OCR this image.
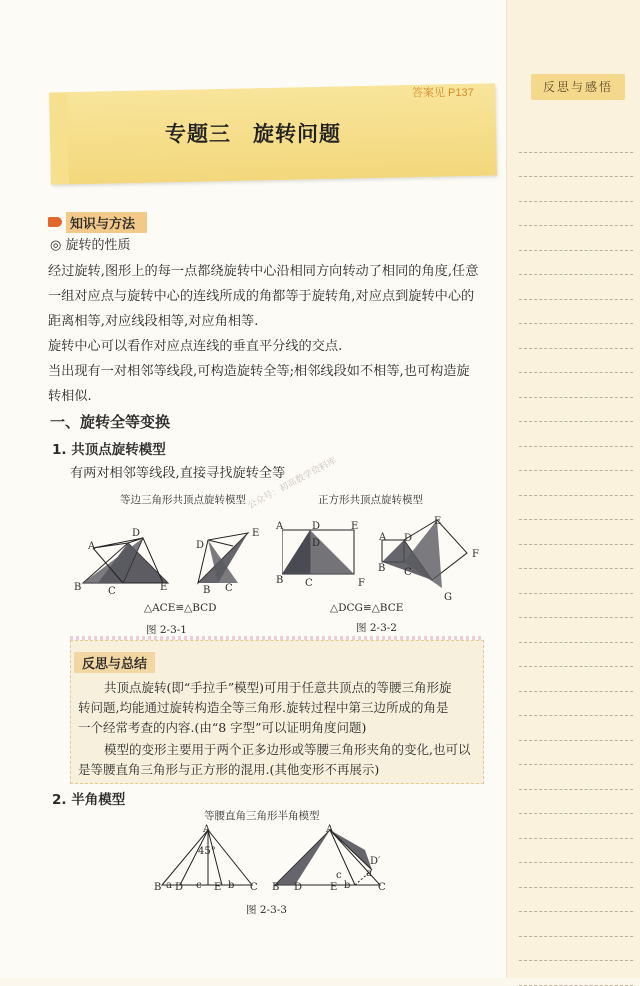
反思与感悟
答案见 P137
专题三　旋转问题
知识与方法
◎ 旋转的性质
经过旋转,图形上的每一点都绕旋转中心沿相同方向转动了相同的角度,任意
一组对应点与旋转中心的连线所成的角都等于旋转角,对应点到旋转中心的
距离相等,对应线段相等,对应角相等.
旋转中心可以看作对应点连线的垂直平分线的交点.
当出现有一对相邻等线段,可构造旋转全等;相邻线段如不相等,也可构造旋
转相似.
一、旋转全等变换
1. 共顶点旋转模型
有两对相邻等线段,直接寻找旋转全等
等边三角形共顶点旋转模型	正方形共顶点旋转模型
公众号：初高数学资料库
A
D
B	C	E
D
E
B C
△ACE≌△BCD
图 2-3-1
A	D	E
D
B C	F
A D
E
F
B C
G
△DCG≌△BCE
图 2-3-2
反思与总结
共顶点旋转(即“手拉手”模型)可用于任意共顶点的等腰三角形旋
转问题,均能通过旋转构造全等三角形.旋转过程中第三边所成的角是
一个经常考查的内容.(由“8 字型”可以证明角度问题)
模型的变形主要用于两个正多边形或等腰三角形夹角的变化,也可以
是等腰直角三角形与正方形的混用.(其他变形不再展示)
2. 半角模型
等腰直角三角形半角模型
A
45°
B a D c E b C
A
D′
a
c
B D	E b	C
图 2-3-3
